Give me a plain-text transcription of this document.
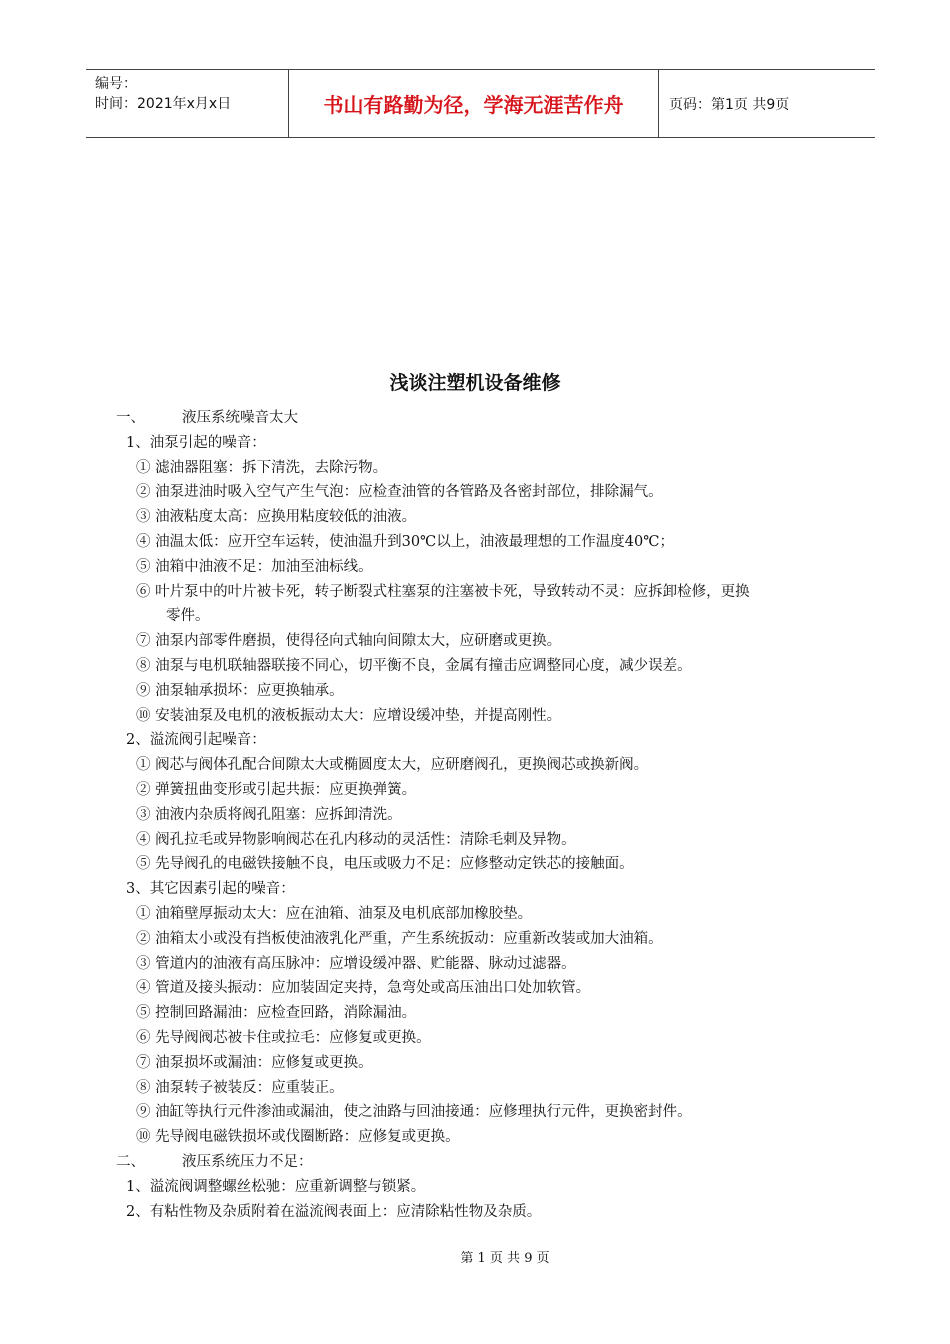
编号：
时间：2021年x月x日	书山有路勤为径，学海无涯苦作舟	页码：第1页 共9页
浅谈注塑机设备维修
一、	液压系统噪音太大

1、油泵引起的噪音：
① 滤油器阻塞：拆下清洗，去除污物。
② 油泵进油时吸入空气产生气泡：应检查油管的各管路及各密封部位，排除漏气。
③ 油液粘度太高：应换用粘度较低的油液。
④ 油温太低：应开空车运转，使油温升到30℃以上，油液最理想的工作温度40℃；
⑤ 油箱中油液不足：加油至油标线。
⑥ 叶片泵中的叶片被卡死，转子断裂式柱塞泵的注塞被卡死，导致转动不灵：应拆卸检修，更换
零件。
⑦ 油泵内部零件磨损，使得径向式轴向间隙太大，应研磨或更换。
⑧ 油泵与电机联轴器联接不同心，切平衡不良，金属有撞击应调整同心度，减少误差。
⑨ 油泵轴承损坏：应更换轴承。
⑩ 安装油泵及电机的液板振动太大：应增设缓冲垫，并提高刚性。
2、溢流阀引起噪音：
① 阀芯与阀体孔配合间隙太大或椭圆度太大，应研磨阀孔，更换阀芯或换新阀。
② 弹簧扭曲变形或引起共振：应更换弹簧。
③ 油液内杂质将阀孔阻塞：应拆卸清洗。
④ 阀孔拉毛或异物影响阀芯在孔内移动的灵活性：清除毛刺及异物。
⑤ 先导阀孔的电磁铁接触不良，电压或吸力不足：应修整动定铁芯的接触面。
3、其它因素引起的噪音：
① 油箱壁厚振动太大：应在油箱、油泵及电机底部加橡胶垫。
② 油箱太小或没有挡板使油液乳化严重，产生系统扳动：应重新改装或加大油箱。
③ 管道内的油液有高压脉冲：应增设缓冲器、贮能器、脉动过滤器。
④ 管道及接头振动：应加装固定夹持，急弯处或高压油出口处加软管。
⑤ 控制回路漏油：应检查回路，消除漏油。
⑥ 先导阀阀芯被卡住或拉毛：应修复或更换。
⑦ 油泵损坏或漏油：应修复或更换。
⑧ 油泵转子被装反：应重装正。
⑨ 油缸等执行元件渗油或漏油，使之油路与回油接通：应修理执行元件，更换密封件。
⑩ 先导阀电磁铁损坏或伐圈断路：应修复或更换。
二、	液压系统压力不足：

1、溢流阀调整螺丝松驰：应重新调整与锁紧。
2、有粘性物及杂质附着在溢流阀表面上：应清除粘性物及杂质。
第 1 页 共 9 页
